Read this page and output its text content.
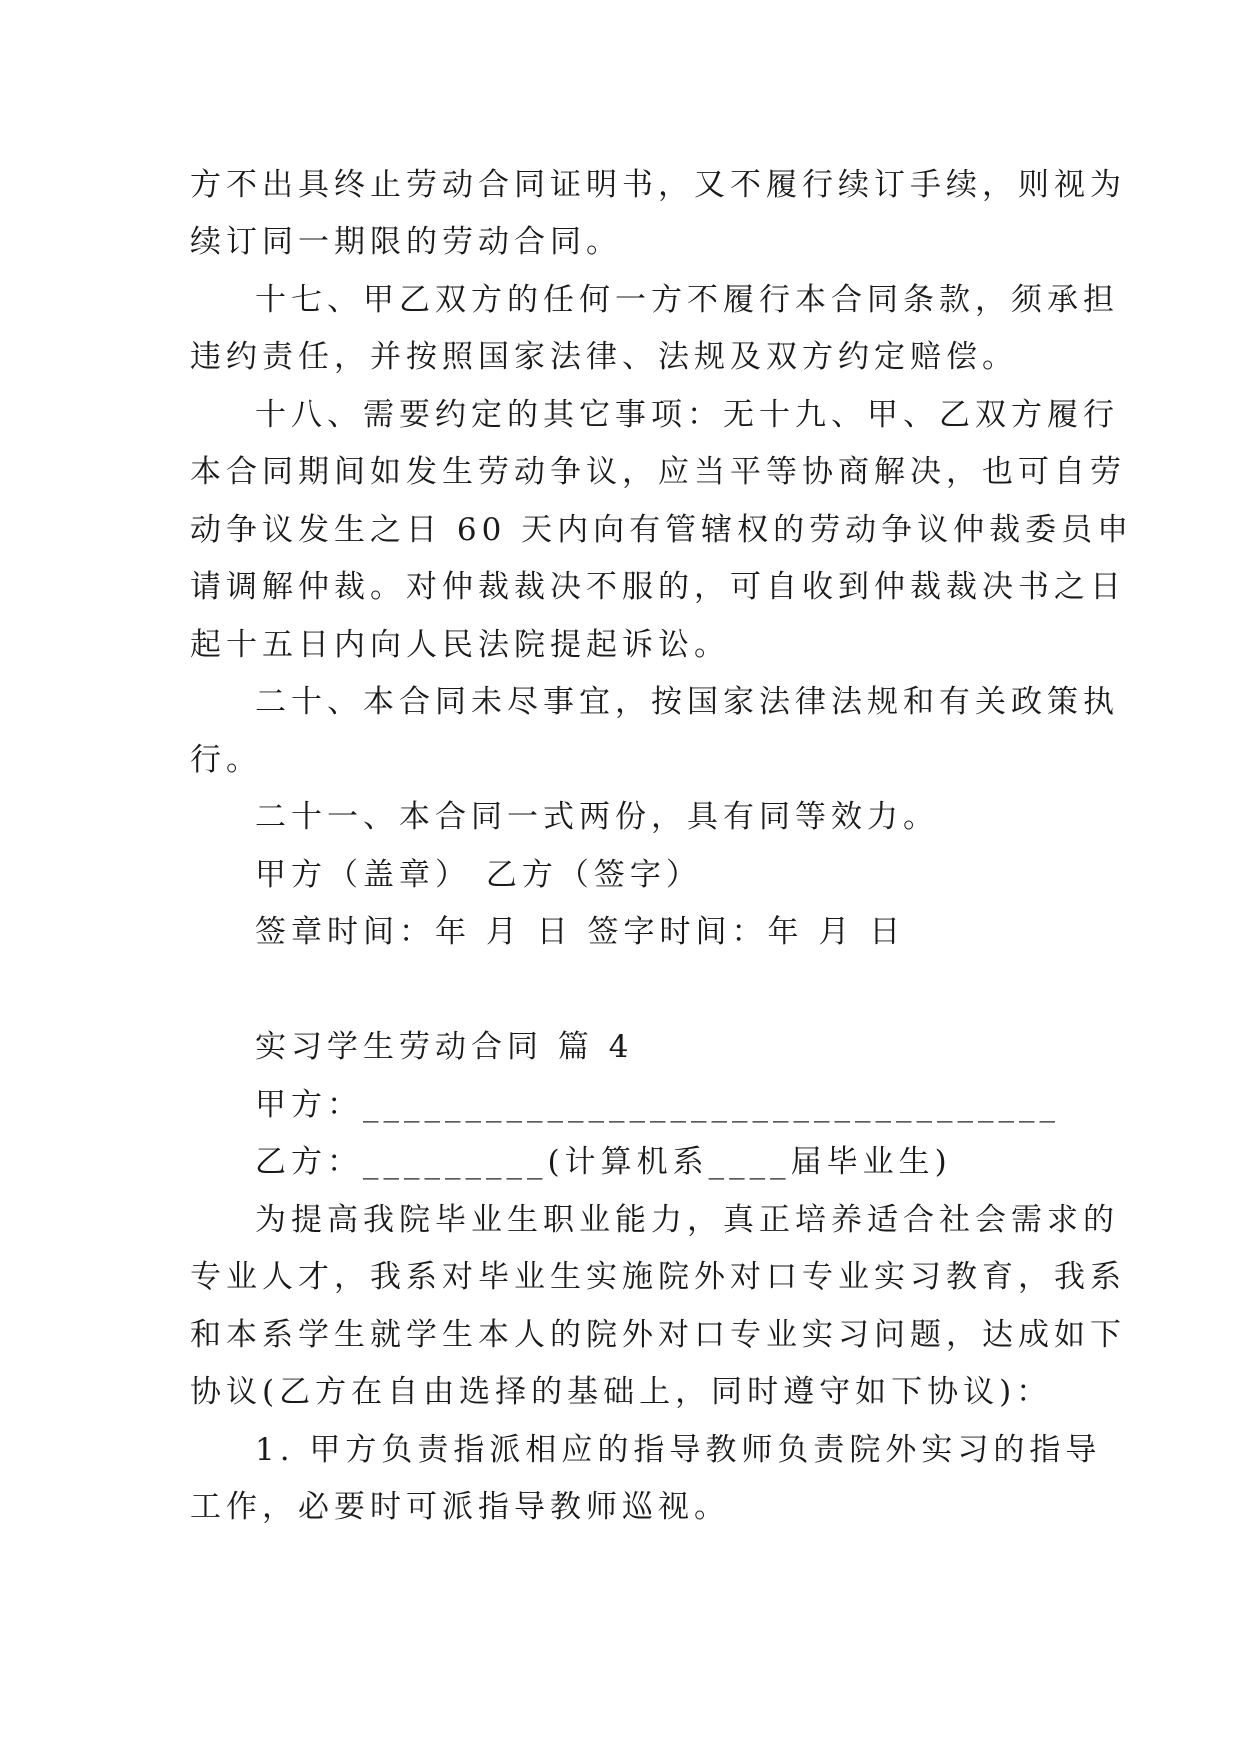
方不出具终止劳动合同证明书，又不履行续订手续，则视为
续订同一期限的劳动合同。
十七、甲乙双方的任何一方不履行本合同条款，须承担
违约责任，并按照国家法律、法规及双方约定赔偿。
十八、需要约定的其它事项：无十九、甲、乙双方履行
本合同期间如发生劳动争议，应当平等协商解决，也可自劳
动争议发生之日 60 天内向有管辖权的劳动争议仲裁委员申
请调解仲裁。对仲裁裁决不服的，可自收到仲裁裁决书之日
起十五日内向人民法院提起诉讼。
二十、本合同未尽事宜，按国家法律法规和有关政策执
行。
二十一、本合同一式两份，具有同等效力。
甲方（盖章） 乙方（签字）
签章时间：年 月 日 签字时间：年 月 日
实习学生劳动合同 篇 4
甲方：__________________________________
乙方：_________(计算机系____届毕业生)
为提高我院毕业生职业能力，真正培养适合社会需求的
专业人才，我系对毕业生实施院外对口专业实习教育，我系
和本系学生就学生本人的院外对口专业实习问题，达成如下
协议(乙方在自由选择的基础上，同时遵守如下协议)：
1. 甲方负责指派相应的指导教师负责院外实习的指导
工作，必要时可派指导教师巡视。
